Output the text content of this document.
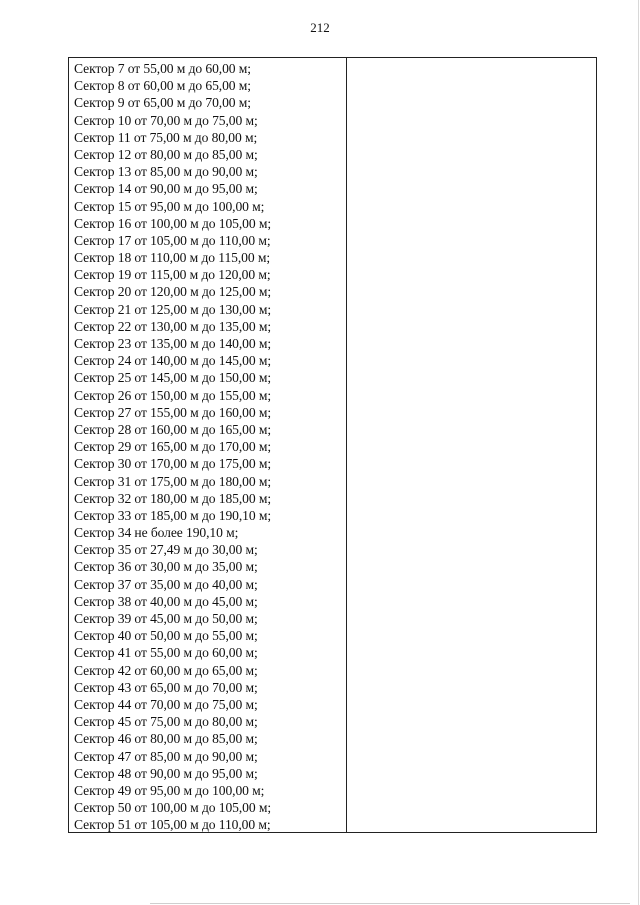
212
Сектор 7 от 55,00 м до 60,00 м;
Сектор 8 от 60,00 м до 65,00 м;
Сектор 9 от 65,00 м до 70,00 м;
Сектор 10 от 70,00 м до 75,00 м;
Сектор 11 от 75,00 м до 80,00 м;
Сектор 12 от 80,00 м до 85,00 м;
Сектор 13 от 85,00 м до 90,00 м;
Сектор 14 от 90,00 м до 95,00 м;
Сектор 15 от 95,00 м до 100,00 м;
Сектор 16 от 100,00 м до 105,00 м;
Сектор 17 от 105,00 м до 110,00 м;
Сектор 18 от 110,00 м до 115,00 м;
Сектор 19 от 115,00 м до 120,00 м;
Сектор 20 от 120,00 м до 125,00 м;
Сектор 21 от 125,00 м до 130,00 м;
Сектор 22 от 130,00 м до 135,00 м;
Сектор 23 от 135,00 м до 140,00 м;
Сектор 24 от 140,00 м до 145,00 м;
Сектор 25 от 145,00 м до 150,00 м;
Сектор 26 от 150,00 м до 155,00 м;
Сектор 27 от 155,00 м до 160,00 м;
Сектор 28 от 160,00 м до 165,00 м;
Сектор 29 от 165,00 м до 170,00 м;
Сектор 30 от 170,00 м до 175,00 м;
Сектор 31 от 175,00 м до 180,00 м;
Сектор 32 от 180,00 м до 185,00 м;
Сектор 33 от 185,00 м до 190,10 м;
Сектор 34 не более 190,10 м;
Сектор 35 от 27,49 м до 30,00 м;
Сектор 36 от 30,00 м до 35,00 м;
Сектор 37 от 35,00 м до 40,00 м;
Сектор 38 от 40,00 м до 45,00 м;
Сектор 39 от 45,00 м до 50,00 м;
Сектор 40 от 50,00 м до 55,00 м;
Сектор 41 от 55,00 м до 60,00 м;
Сектор 42 от 60,00 м до 65,00 м;
Сектор 43 от 65,00 м до 70,00 м;
Сектор 44 от 70,00 м до 75,00 м;
Сектор 45 от 75,00 м до 80,00 м;
Сектор 46 от 80,00 м до 85,00 м;
Сектор 47 от 85,00 м до 90,00 м;
Сектор 48 от 90,00 м до 95,00 м;
Сектор 49 от 95,00 м до 100,00 м;
Сектор 50 от 100,00 м до 105,00 м;
Сектор 51 от 105,00 м до 110,00 м;
